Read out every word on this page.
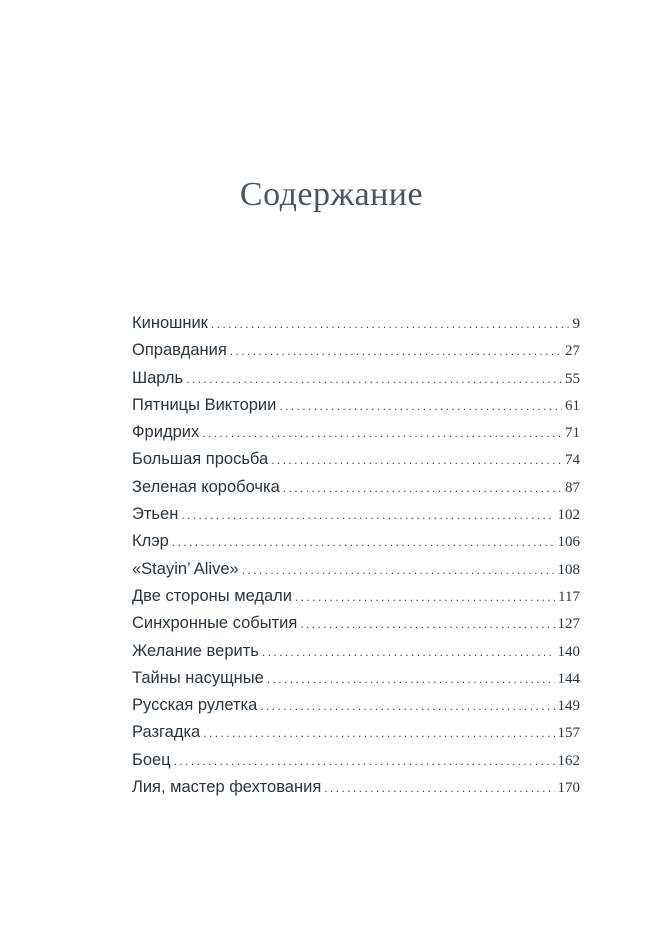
Содержание
Киношник .....	9
Оправдания .....	27
Шарль .....	55
Пятницы Виктории .....	61
Фридрих .....	71
Большая просьба .....	74
Зеленая коробочка .....	87
Этьен .....	102
Клэр .....	106
«Stayin’ Alive» .....	108
Две стороны медали .....	117
Синхронные события .....	127
Желание верить .....	140
Тайны насущные .....	144
Русская рулетка .....	149
Разгадка .....	157
Боец .....	162
Лия, мастер фехтования .....	170
